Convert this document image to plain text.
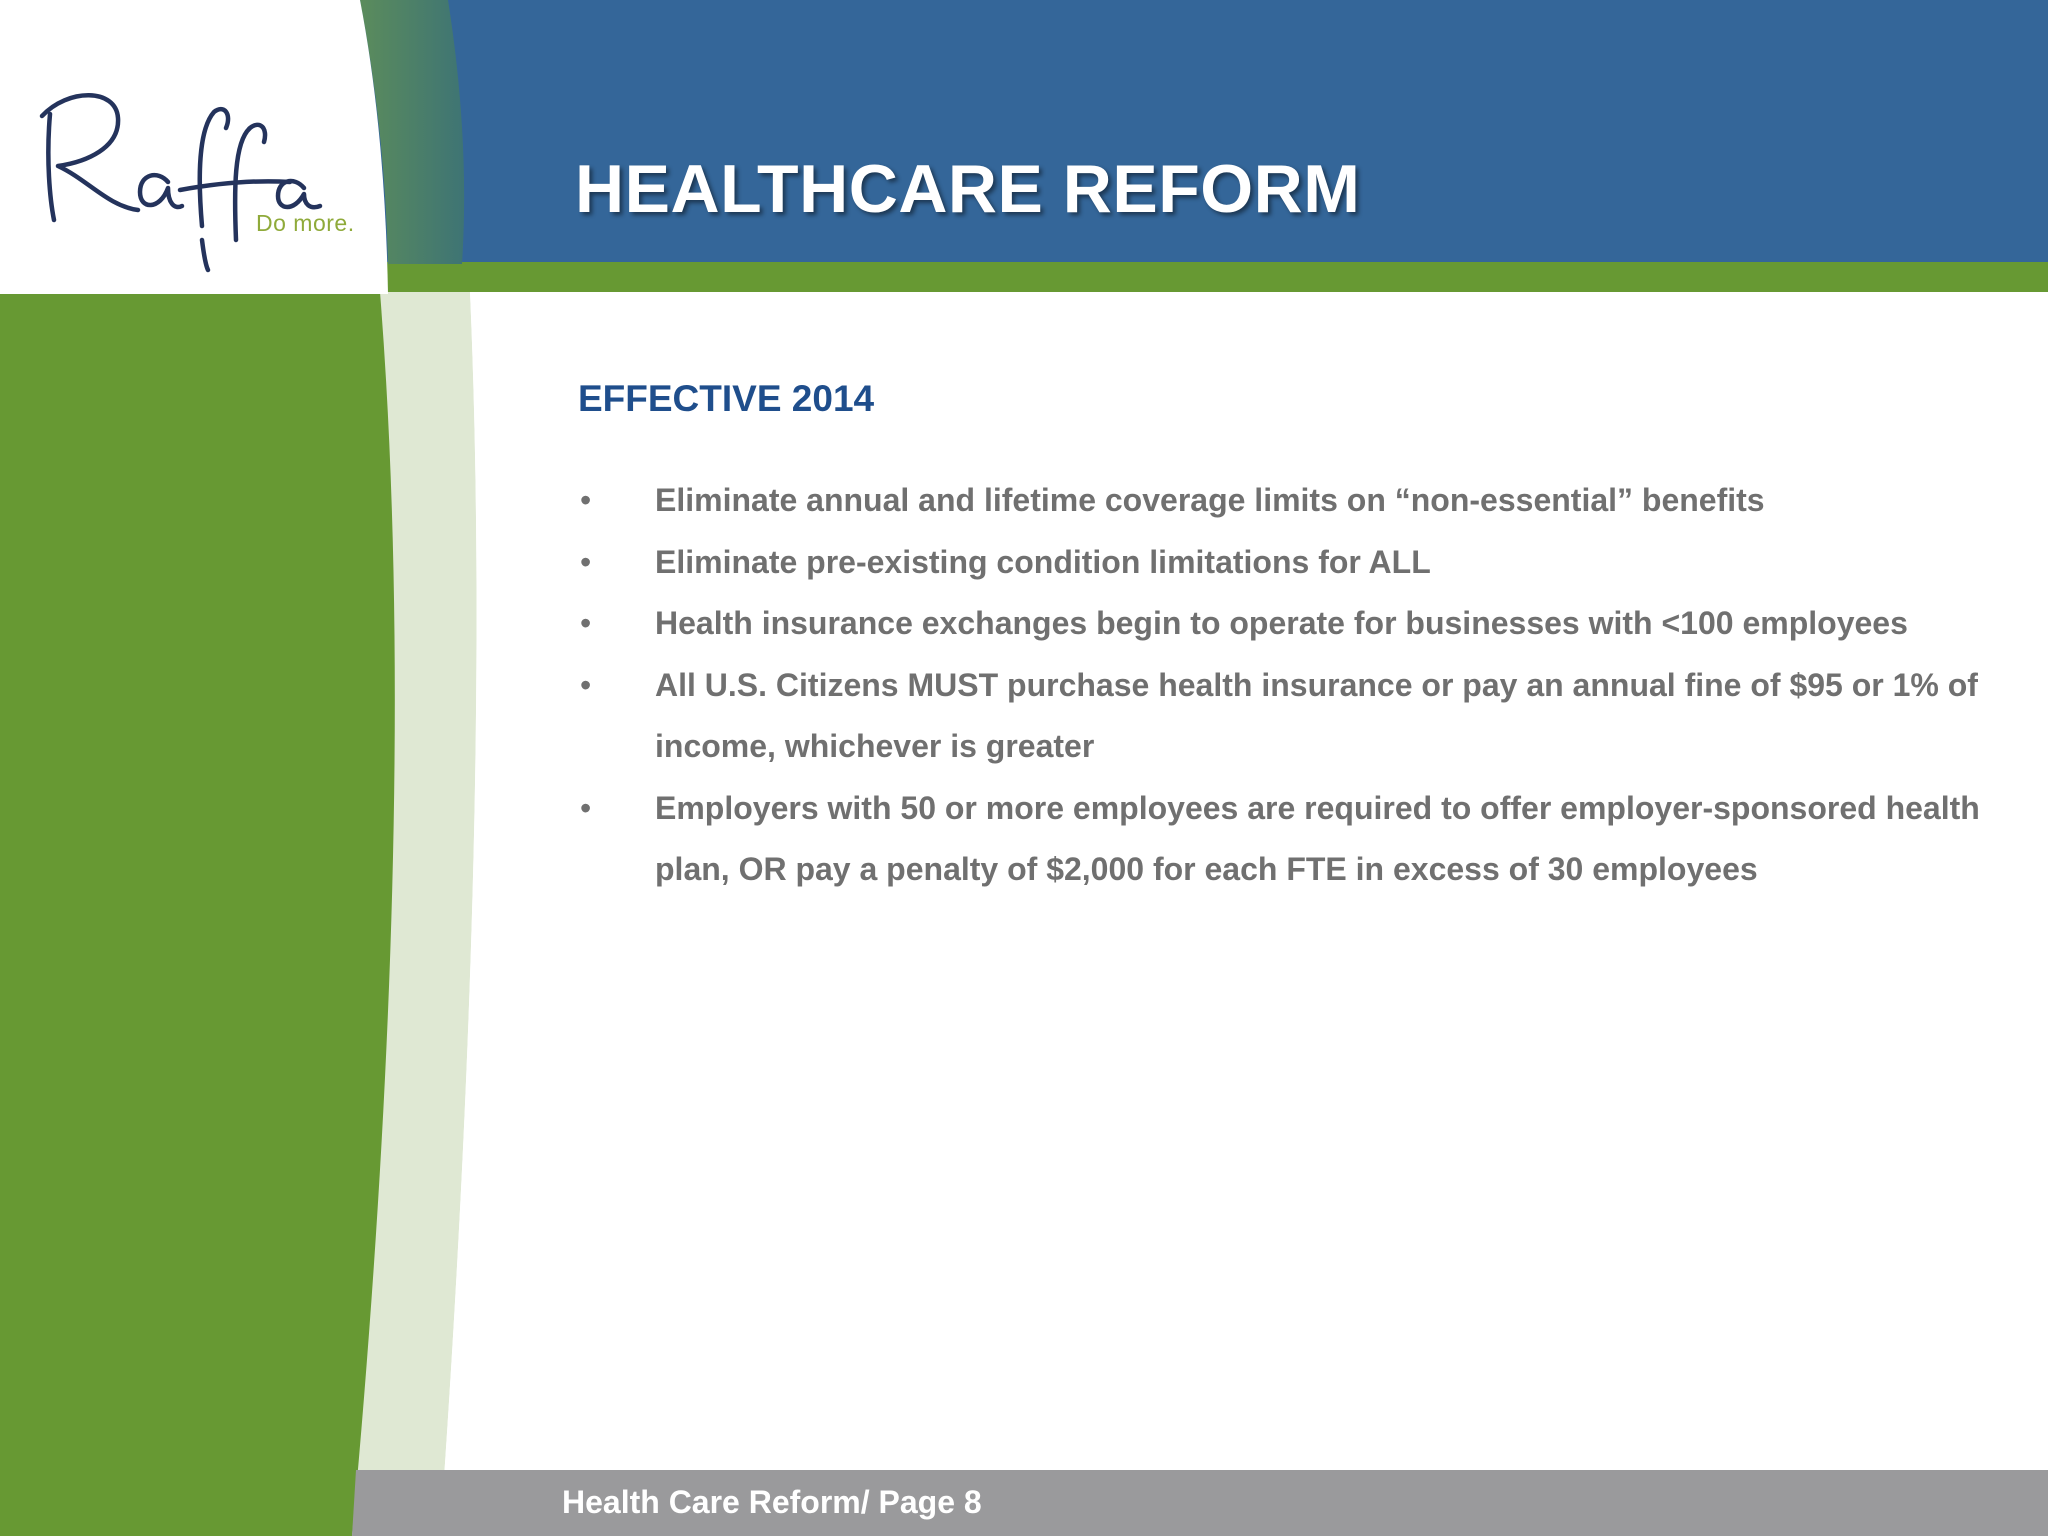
Do more.	HEALTHCARE REFORM
EFFECTIVE 2014
• Eliminate annual and lifetime coverage limits on “non-essential” benefits
• Eliminate pre-existing condition limitations for ALL
• Health insurance exchanges begin to operate for businesses with <100 employees
• All U.S. Citizens MUST purchase health insurance or pay an annual fine of $95 or 1% of income, whichever is greater
• Employers with 50 or more employees are required to offer employer-sponsored health plan, OR pay a penalty of $2,000 for each FTE in excess of 30 employees
Health Care Reform/ Page 8
